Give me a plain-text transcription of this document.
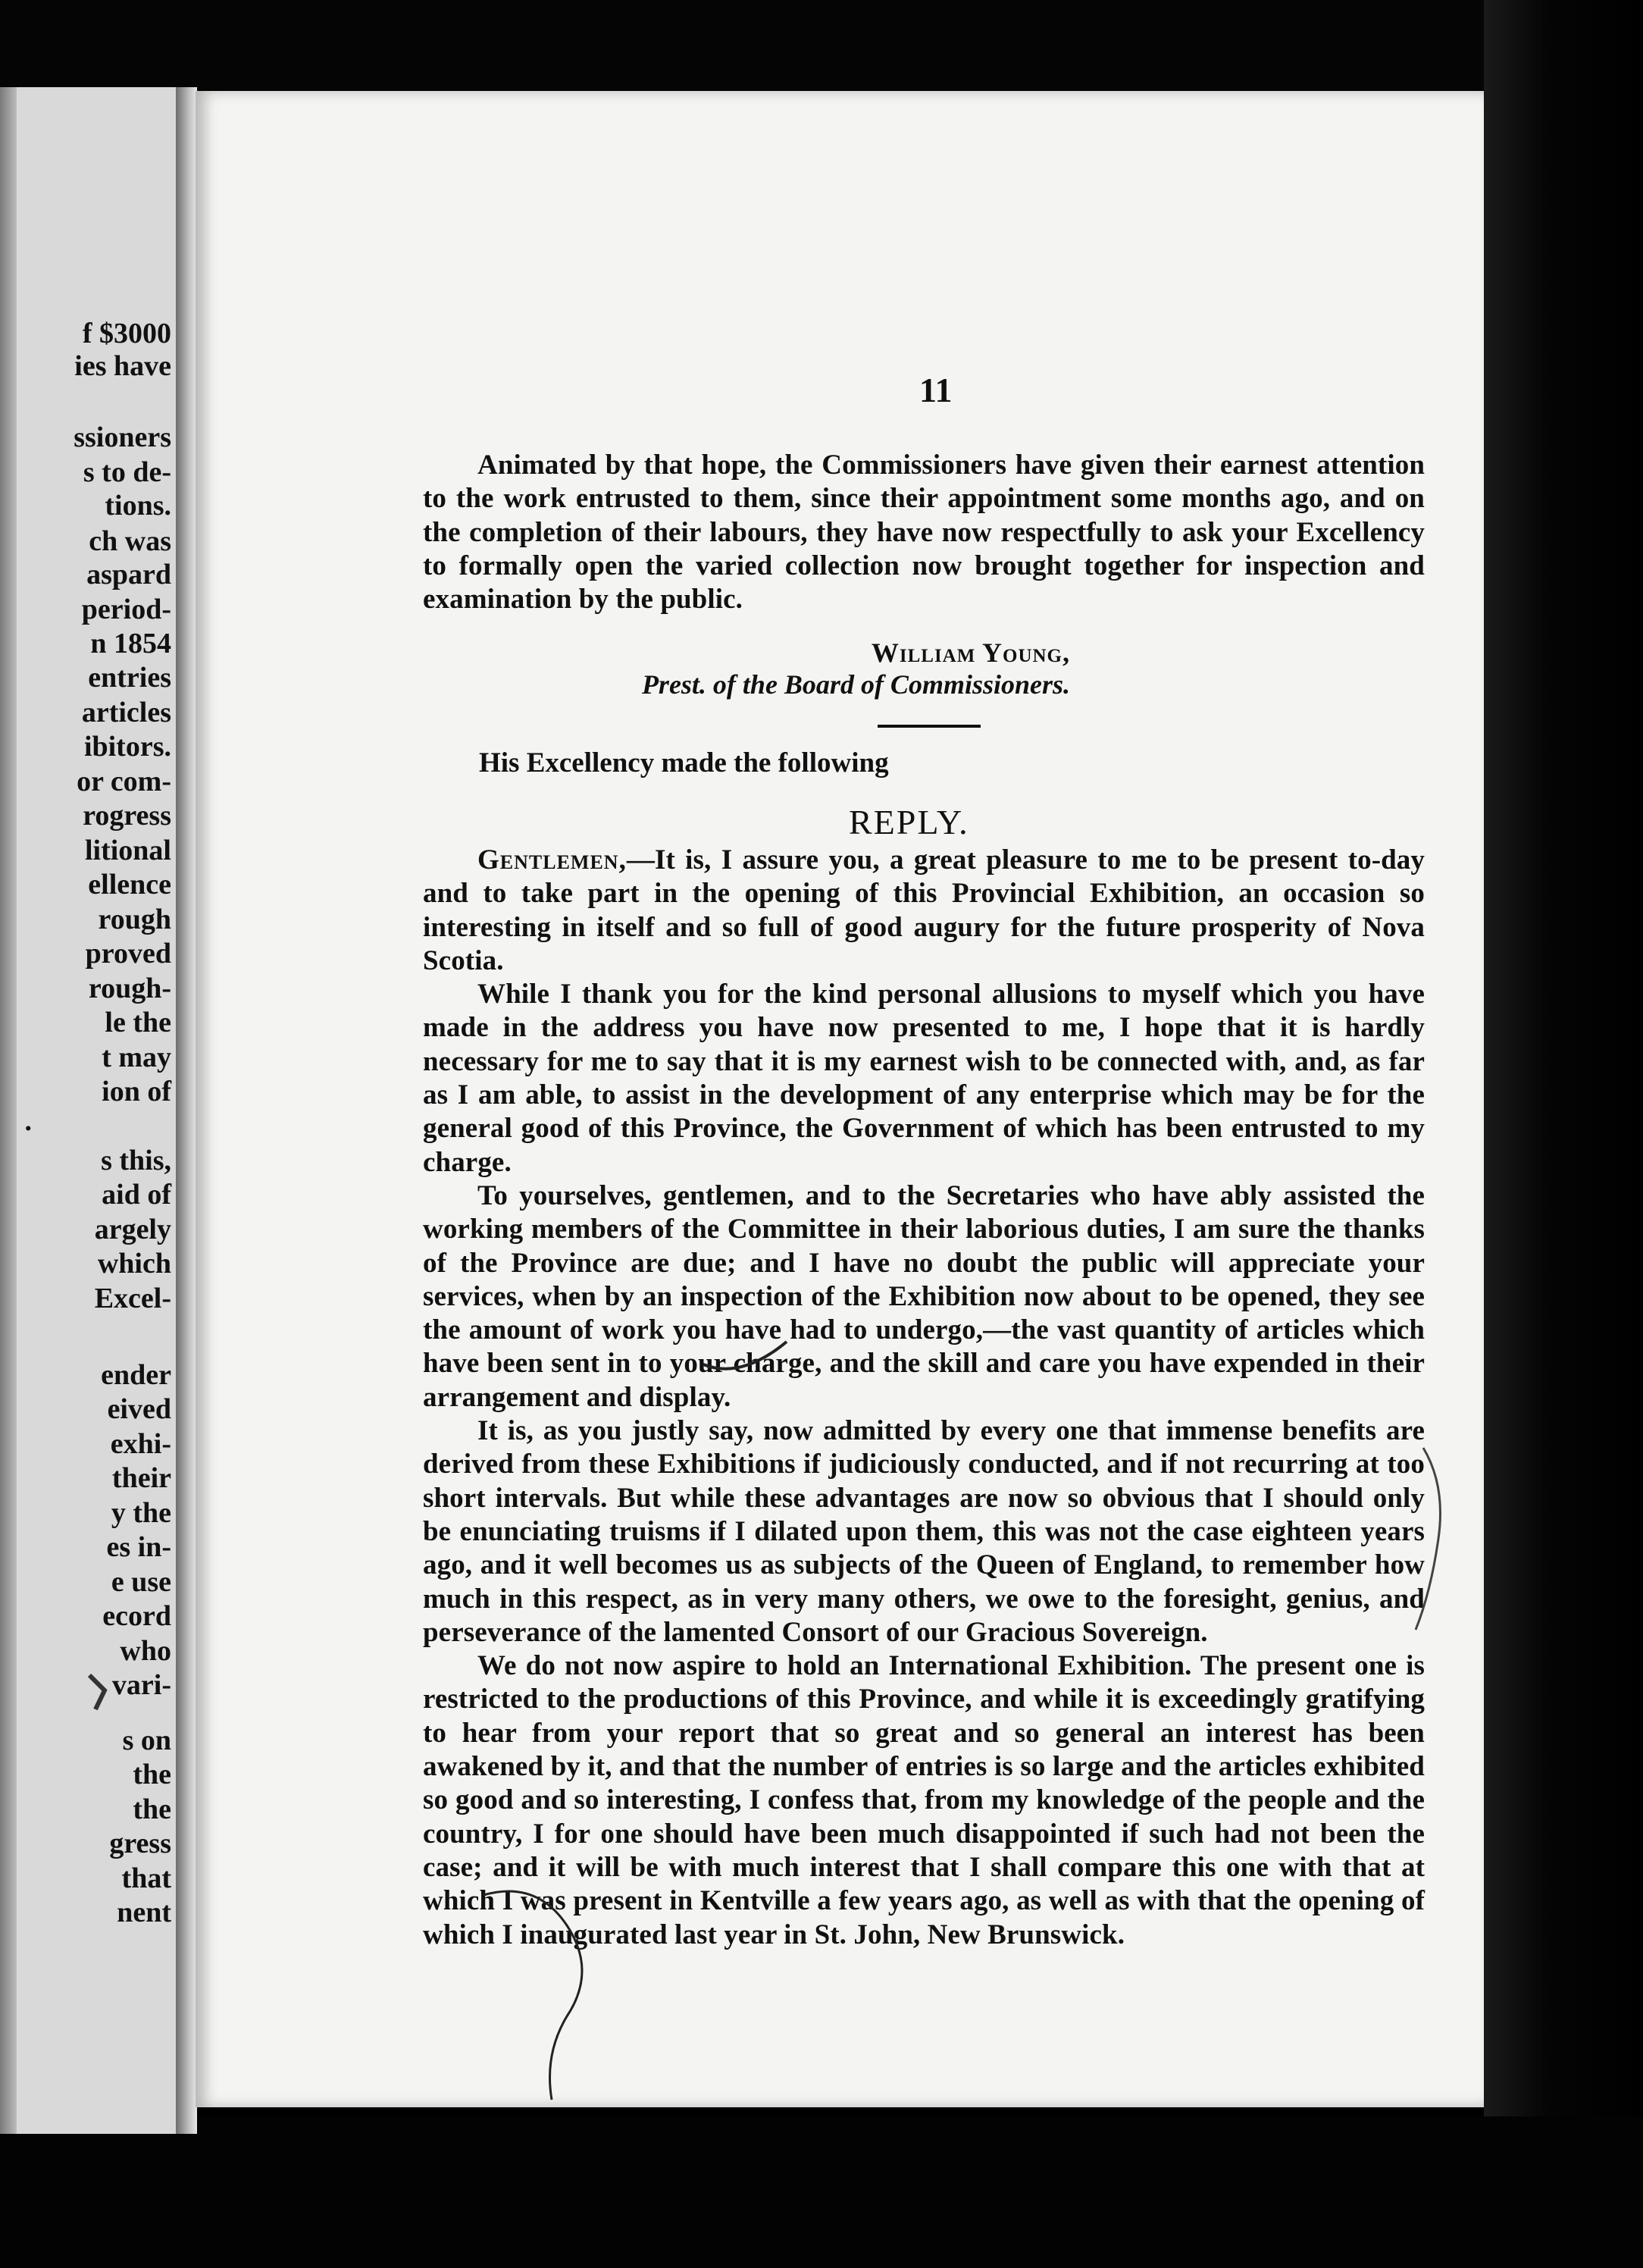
f $3000
ies have
ssioners
s to de-
tions.
ch was
aspard
period-
n 1854
entries
articles
ibitors.
or com-
rogress
litional
ellence
rough
proved
rough-
le the
t may
ion of
.
s this,
aid of
argely
which
Excel-
ender
eived
exhi-
their
y the
es in-
e use
ecord
who
vari-
s on
the
the
gress
that
nent
11

Animated by that hope, the Commissioners have given their earnest attention to the work entrusted to them, since their appointment some months ago, and on the completion of their labours, they have now respectfully to ask your Excellency to formally open the varied collection now brought together for inspection and examination by the public.

William Young,
Prest. of the Board of Commissioners.
His Excellency made the following
REPLY.

Gentlemen,—It is, I assure you, a great pleasure to me to be present to-day and to take part in the opening of this Provincial Exhibition, an occasion so interesting in itself and so full of good augury for the future prosperity of Nova Scotia.

While I thank you for the kind personal allusions to myself which you have made in the address you have now presented to me, I hope that it is hardly necessary for me to say that it is my earnest wish to be connected with, and, as far as I am able, to assist in the development of any enterprise which may be for the general good of this Province, the Government of which has been entrusted to my charge.

To yourselves, gentlemen, and to the Secretaries who have ably assisted the working members of the Committee in their laborious duties, I am sure the thanks of the Province are due; and I have no doubt the public will appreciate your services, when by an inspection of the Exhibition now about to be opened, they see the amount of work you have had to undergo,—the vast quantity of articles which have been sent in to your charge, and the skill and care you have expended in their arrangement and display.

It is, as you justly say, now admitted by every one that immense benefits are derived from these Exhibitions if judiciously conducted, and if not recurring at too short intervals. But while these advantages are now so obvious that I should only be enunciating truisms if I dilated upon them, this was not the case eighteen years ago, and it well becomes us as subjects of the Queen of England, to remember how much in this respect, as in very many others, we owe to the foresight, genius, and perseverance of the lamented Consort of our Gracious Sovereign.

We do not now aspire to hold an International Exhibition. The present one is restricted to the productions of this Province, and while it is exceedingly gratifying to hear from your report that so great and so general an interest has been awakened by it, and that the number of entries is so large and the articles exhibited so good and so interesting, I confess that, from my knowledge of the people and the country, I for one should have been much disappointed if such had not been the case; and it will be with much interest that I shall compare this one with that at which I was present in Kentville a few years ago, as well as with that the opening of which I inaugurated last year in St. John, New Brunswick.
